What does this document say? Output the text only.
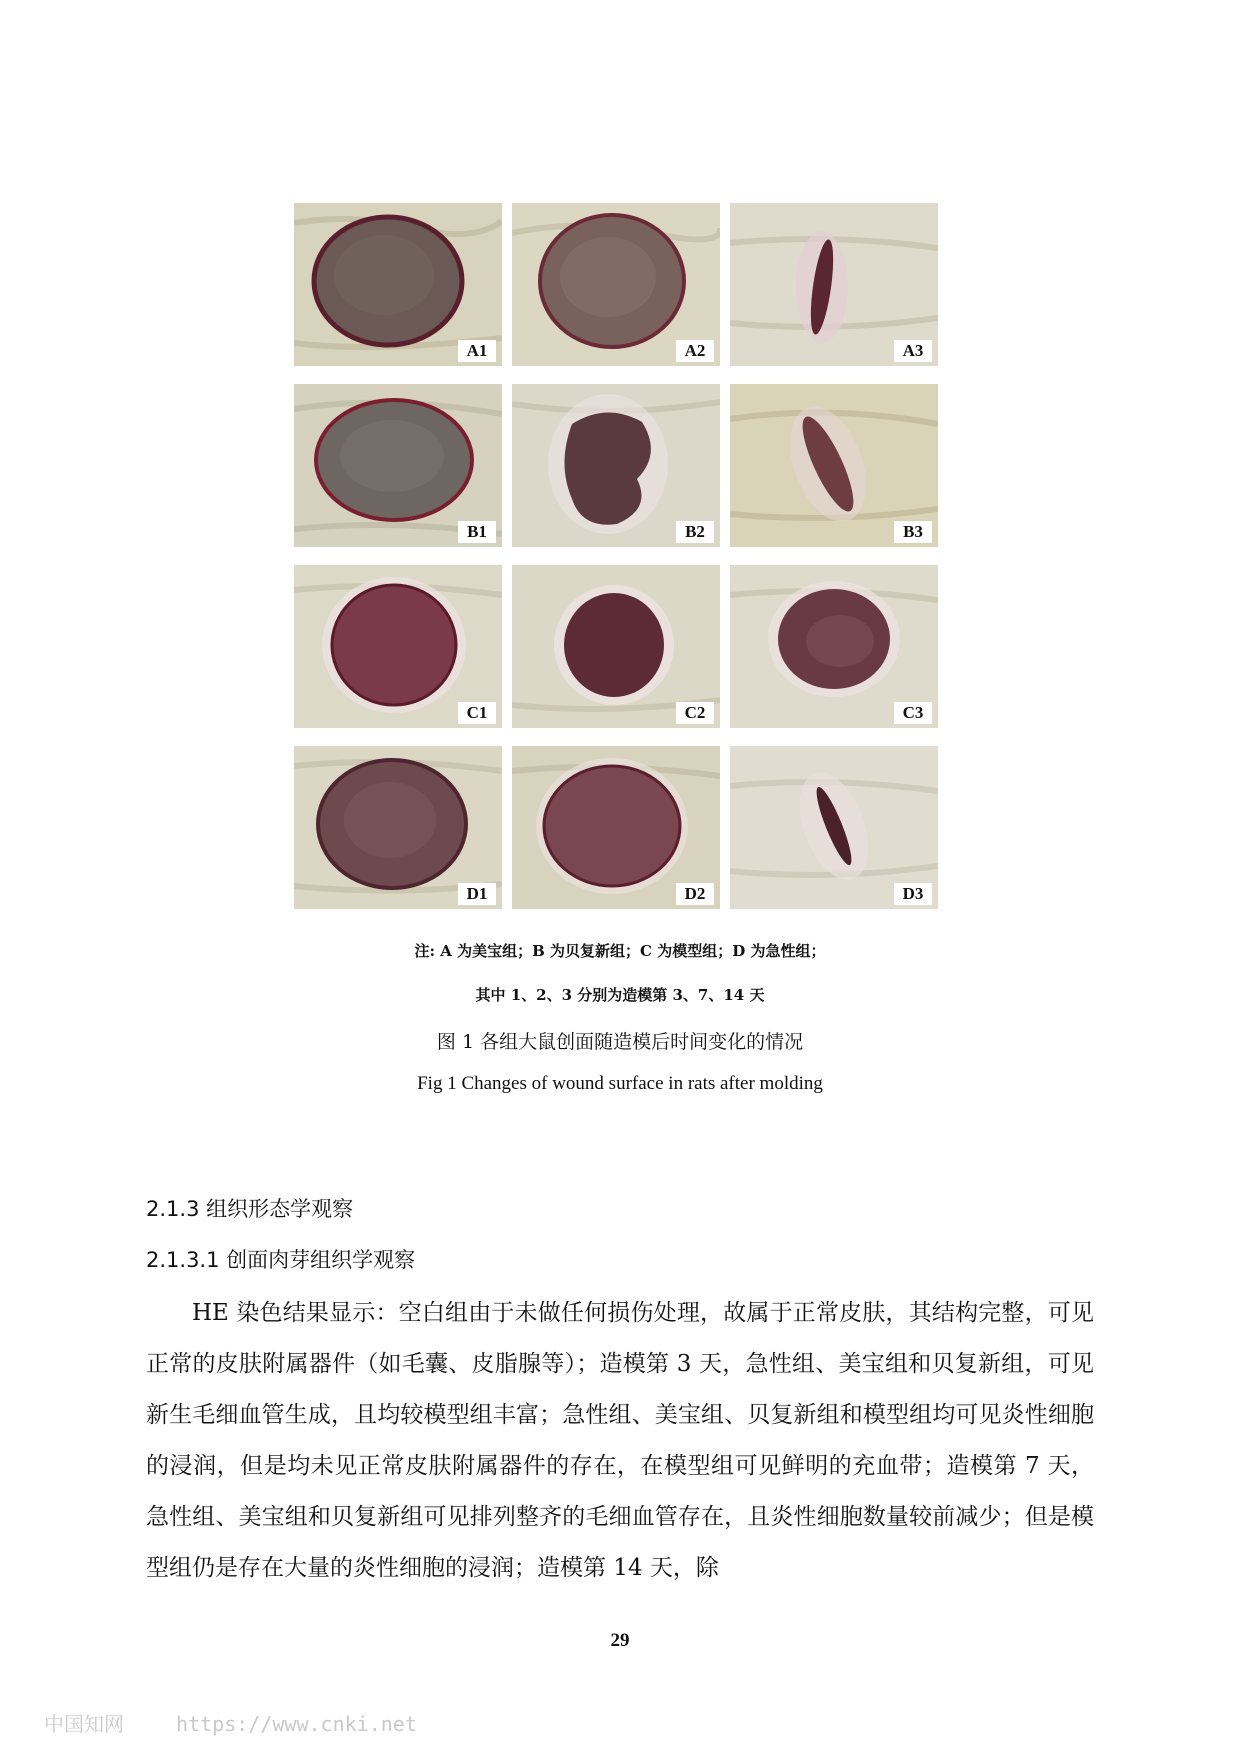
A1	A2	A3
B1	B2	B3
C1	C2	C3
D1	D2	D3
注: A 为美宝组；B 为贝复新组；C 为模型组；D 为急性组；
其中 1、2、3 分别为造模第 3、7、14 天
图 1 各组大鼠创面随造模后时间变化的情况
Fig 1 Changes of wound surface in rats after molding
2.1.3 组织形态学观察
2.1.3.1 创面肉芽组织学观察
HE 染色结果显示：空白组由于未做任何损伤处理，故属于正常皮肤，其结构完整，可见正常的皮肤附属器件（如毛囊、皮脂腺等）；造模第 3 天，急性组、美宝组和贝复新组，可见新生毛细血管生成，且均较模型组丰富；急性组、美宝组、贝复新组和模型组均可见炎性细胞的浸润，但是均未见正常皮肤附属器件的存在，在模型组可见鲜明的充血带；造模第 7 天，急性组、美宝组和贝复新组可见排列整齐的毛细血管存在，且炎性细胞数量较前减少；但是模型组仍是存在大量的炎性细胞的浸润；造模第 14 天，除
29
中国知网	https://www.cnki.net
